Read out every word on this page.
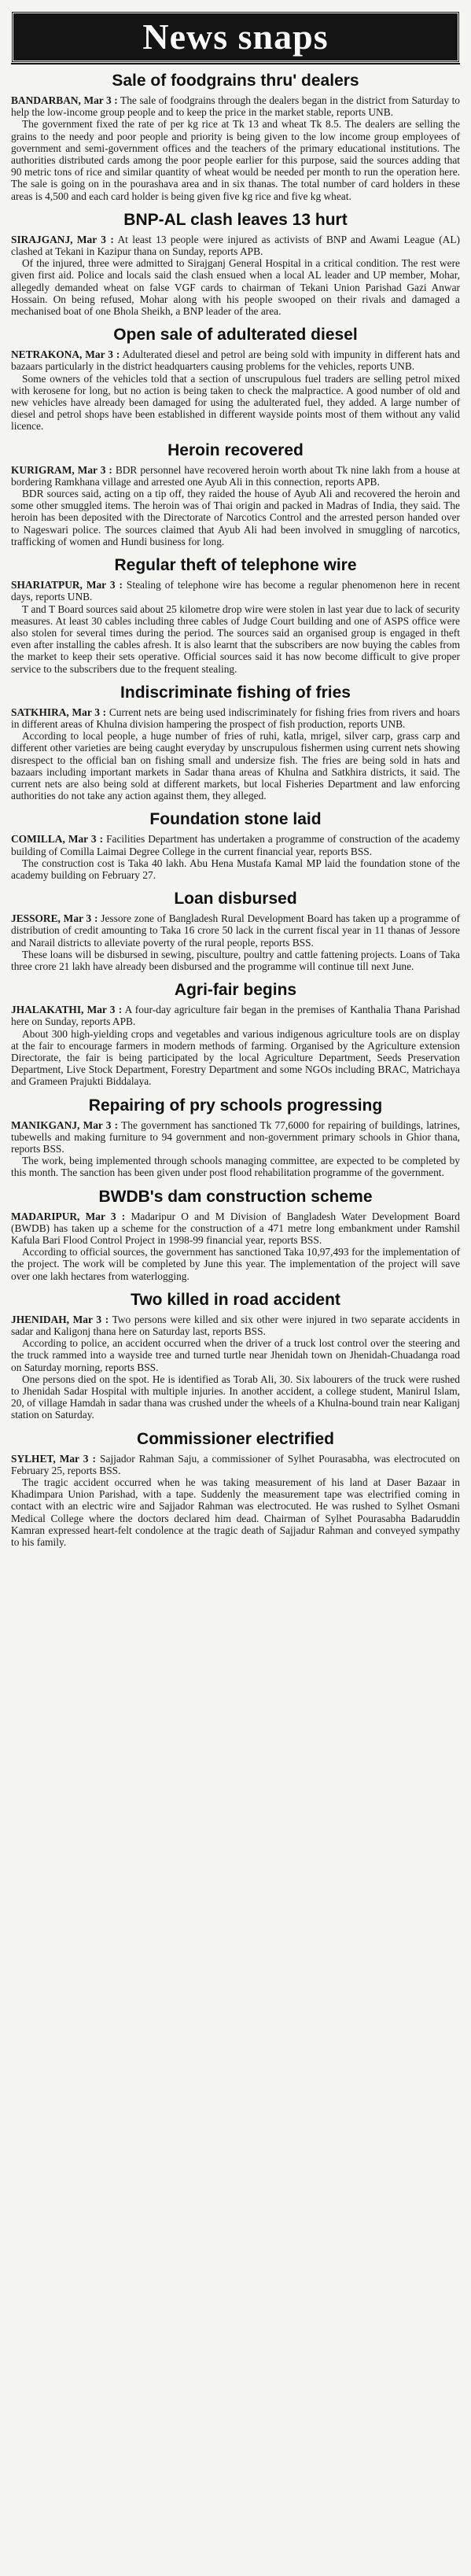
News snaps
Sale of foodgrains thru' dealers

BANDARBAN, Mar 3 : The sale of foodgrains through the dealers began in the district from Saturday to help the low-income group people and to keep the price in the market stable, reports UNB.

The government fixed the rate of per kg rice at Tk 13 and wheat Tk 8.5. The dealers are selling the grains to the needy and poor people and priority is being given to the low income group employees of government and semi-government offices and the teachers of the primary educational institutions. The authorities distributed cards among the poor people earlier for this purpose, said the sources adding that 90 metric tons of rice and similar quantity of wheat would be needed per month to run the operation here. The sale is going on in the pourashava area and in six thanas. The total number of card holders in these areas is 4,500 and each card holder is being given five kg rice and five kg wheat.

BNP-AL clash leaves 13 hurt

SIRAJGANJ, Mar 3 : At least 13 people were injured as activists of BNP and Awami League (AL) clashed at Tekani in Kazipur thana on Sunday, reports APB.

Of the injured, three were admitted to Sirajganj General Hospital in a critical condition. The rest were given first aid. Police and locals said the clash ensued when a local AL leader and UP member, Mohar, allegedly demanded wheat on false VGF cards to chairman of Tekani Union Parishad Gazi Anwar Hossain. On being refused, Mohar along with his people swooped on their rivals and damaged a mechanised boat of one Bhola Sheikh, a BNP leader of the area.

Open sale of adulterated diesel

NETRAKONA, Mar 3 : Adulterated diesel and petrol are being sold with impunity in different hats and bazaars particularly in the district headquarters causing problems for the vehicles, reports UNB.

Some owners of the vehicles told that a section of unscrupulous fuel traders are selling petrol mixed with kerosene for long, but no action is being taken to check the malpractice. A good number of old and new vehicles have already been damaged for using the adulterated fuel, they added. A large number of diesel and petrol shops have been established in different wayside points most of them without any valid licence.

Heroin recovered

KURIGRAM, Mar 3 : BDR personnel have recovered heroin worth about Tk nine lakh from a house at bordering Ramkhana village and arrested one Ayub Ali in this connection, reports APB.

BDR sources said, acting on a tip off, they raided the house of Ayub Ali and recovered the heroin and some other smuggled items. The heroin was of Thai origin and packed in Madras of India, they said. The heroin has been deposited with the Directorate of Narcotics Control and the arrested person handed over to Nageswari police. The sources claimed that Ayub Ali had been involved in smuggling of narcotics, trafficking of women and Hundi business for long.

Regular theft of telephone wire

SHARIATPUR, Mar 3 : Stealing of telephone wire has become a regular phenomenon here in recent days, reports UNB.

T and T Board sources said about 25 kilometre drop wire were stolen in last year due to lack of security measures. At least 30 cables including three cables of Judge Court building and one of ASPS office were also stolen for several times during the period. The sources said an organised group is engaged in theft even after installing the cables afresh. It is also learnt that the subscribers are now buying the cables from the market to keep their sets operative. Official sources said it has now become difficult to give proper service to the subscribers due to the frequent stealing.

Indiscriminate fishing of fries

SATKHIRA, Mar 3 : Current nets are being used indiscriminately for fishing fries from rivers and hoars in different areas of Khulna division hampering the prospect of fish production, reports UNB.

According to local people, a huge number of fries of ruhi, katla, mrigel, silver carp, grass carp and different other varieties are being caught everyday by unscrupulous fishermen using current nets showing disrespect to the official ban on fishing small and undersize fish. The fries are being sold in hats and bazaars including important markets in Sadar thana areas of Khulna and Satkhira districts, it said. The current nets are also being sold at different markets, but local Fisheries Department and law enforcing authorities do not take any action against them, they alleged.

Foundation stone laid

COMILLA, Mar 3 : Facilities Department has undertaken a programme of construction of the academy building of Comilla Laimai Degree College in the current financial year, reports BSS.

The construction cost is Taka 40 lakh. Abu Hena Mustafa Kamal MP laid the foundation stone of the academy building on February 27.

Loan disbursed

JESSORE, Mar 3 : Jessore zone of Bangladesh Rural Development Board has taken up a programme of distribution of credit amounting to Taka 16 crore 50 lack in the current fiscal year in 11 thanas of Jessore and Narail districts to alleviate poverty of the rural people, reports BSS.

These loans will be disbursed in sewing, pisculture, poultry and cattle fattening projects. Loans of Taka three crore 21 lakh have already been disbursed and the programme will continue till next June.

Agri-fair begins

JHALAKATHI, Mar 3 : A four-day agriculture fair began in the premises of Kanthalia Thana Parishad here on Sunday, reports APB.

About 300 high-yielding crops and vegetables and various indigenous agriculture tools are on display at the fair to encourage farmers in modern methods of farming. Organised by the Agriculture extension Directorate, the fair is being participated by the local Agriculture Department, Seeds Preservation Department, Live Stock Department, Forestry Department and some NGOs including BRAC, Matrichaya and Grameen Prajukti Biddalaya.

Repairing of pry schools progressing

MANIKGANJ, Mar 3 : The government has sanctioned Tk 77,6000 for repairing of buildings, latrines, tubewells and making furniture to 94 government and non-government primary schools in Ghior thana, reports BSS.

The work, being implemented through schools managing committee, are expected to be completed by this month. The sanction has been given under post flood rehabilitation programme of the government.

BWDB's dam construction scheme

MADARIPUR, Mar 3 : Madaripur O and M Division of Bangladesh Water Development Board (BWDB) has taken up a scheme for the construction of a 471 metre long embankment under Ramshil Kafula Bari Flood Control Project in 1998-99 financial year, reports BSS.

According to official sources, the government has sanctioned Taka 10,97,493 for the implementation of the project. The work will be completed by June this year. The implementation of the project will save over one lakh hectares from waterlogging.

Two killed in road accident

JHENIDAH, Mar 3 : Two persons were killed and six other were injured in two separate accidents in sadar and Kaligonj thana here on Saturday last, reports BSS.

According to police, an accident occurred when the driver of a truck lost control over the steering and the truck rammed into a wayside tree and turned turtle near Jhenidah town on Jhenidah-Chuadanga road on Saturday morning, reports BSS.

One persons died on the spot. He is identified as Torab Ali, 30. Six labourers of the truck were rushed to Jhenidah Sadar Hospital with multiple injuries. In another accident, a college student, Manirul Islam, 20, of village Hamdah in sadar thana was crushed under the wheels of a Khulna-bound train near Kaliganj station on Saturday.

Commissioner electrified

SYLHET, Mar 3 : Sajjador Rahman Saju, a commissioner of Sylhet Pourasabha, was electrocuted on February 25, reports BSS.

The tragic accident occurred when he was taking measurement of his land at Daser Bazaar in Khadimpara Union Parishad, with a tape. Suddenly the measurement tape was electrified coming in contact with an electric wire and Sajjador Rahman was electrocuted. He was rushed to Sylhet Osmani Medical College where the doctors declared him dead. Chairman of Sylhet Pourasabha Badaruddin Kamran expressed heart-felt condolence at the tragic death of Sajjadur Rahman and conveyed sympathy to his family.
